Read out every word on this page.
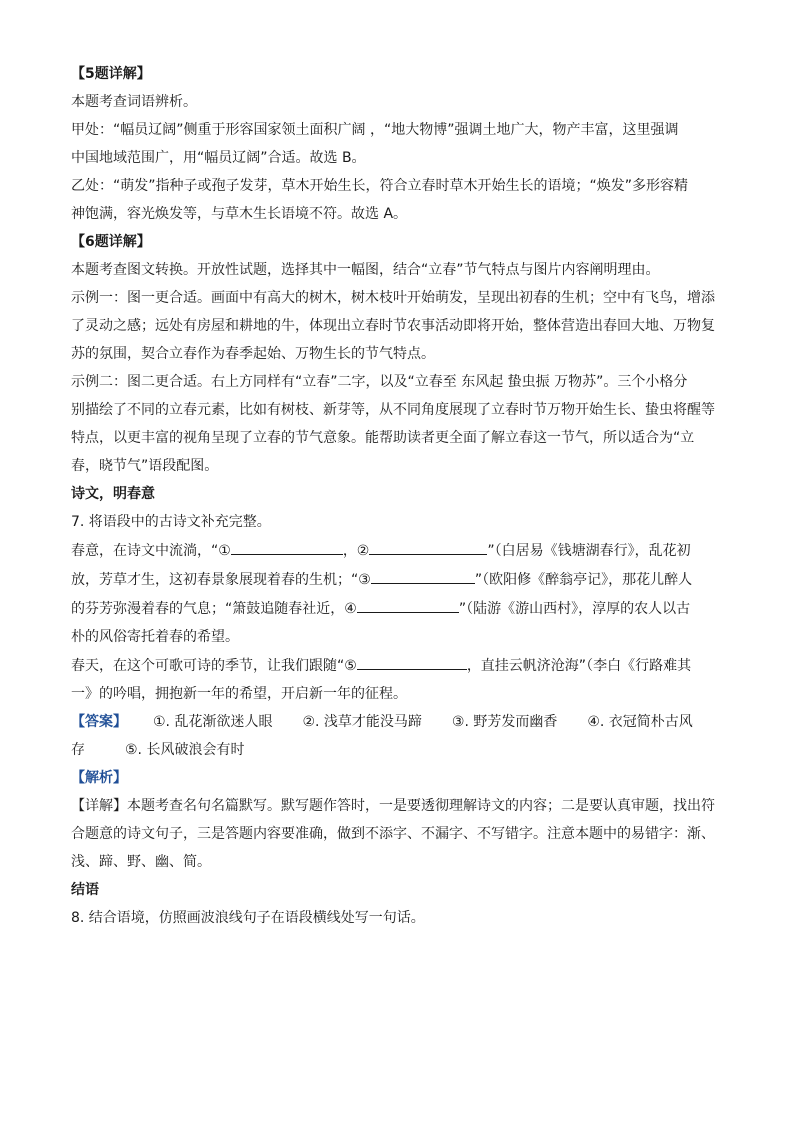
【5题详解】
本题考查词语辨析。
甲处：“幅员辽阔”侧重于形容国家领土面积广阔 ，“地大物博”强调土地广大，物产丰富，这里强调
中国地域范围广，用“幅员辽阔”合适。故选 B。
乙处：“萌发”指种子或孢子发芽，草木开始生长，符合立春时草木开始生长的语境；“焕发”多形容精
神饱满，容光焕发等，与草木生长语境不符。故选 A。
【6题详解】
本题考查图文转换。开放性试题，选择其中一幅图，结合“立春”节气特点与图片内容阐明理由。
示例一：图一更合适。画面中有高大的树木，树木枝叶开始萌发，呈现出初春的生机；空中有飞鸟，增添
了灵动之感；远处有房屋和耕地的牛，体现出立春时节农事活动即将开始，整体营造出春回大地、万物复
苏的氛围，契合立春作为春季起始、万物生长的节气特点。
示例二：图二更合适。右上方同样有“立春”二字，以及“立春至 东风起 蛰虫振 万物苏”。三个小格分
别描绘了不同的立春元素，比如有树枝、新芽等，从不同角度展现了立春时节万物开始生长、蛰虫将醒等
特点，以更丰富的视角呈现了立春的节气意象。能帮助读者更全面了解立春这一节气，所以适合为“立
春，晓节气”语段配图。
诗文，明春意
7. 将语段中的古诗文补充完整。
春意，在诗文中流淌，“①	，②	”（白居易《钱塘湖春行》，乱花初
放，芳草才生，这初春景象展现着春的生机；“③	”（欧阳修《醉翁亭记》，那花儿醉人
的芬芳弥漫着春的气息；“箫鼓追随春社近，④	”（陆游《游山西村》，淳厚的农人以古
朴的风俗寄托着春的希望。
春天，在这个可歌可诗的季节，让我们跟随“⑤	，直挂云帆济沧海”（李白《行路难其
一》的吟唱，拥抱新一年的希望，开启新一年的征程。
【答案】 ①. 乱花渐欲迷人眼 ②. 浅草才能没马蹄 ③. 野芳发而幽香 ④. 衣冠简朴古风
存	⑤. 长风破浪会有时
【解析】
【详解】本题考查名句名篇默写。默写题作答时，一是要透彻理解诗文的内容；二是要认真审题，找出符
合题意的诗文句子，三是答题内容要准确，做到不添字、不漏字、不写错字。注意本题中的易错字：渐、
浅、蹄、野、幽、简。
结语
8. 结合语境，仿照画波浪线句子在语段横线处写一句话。
